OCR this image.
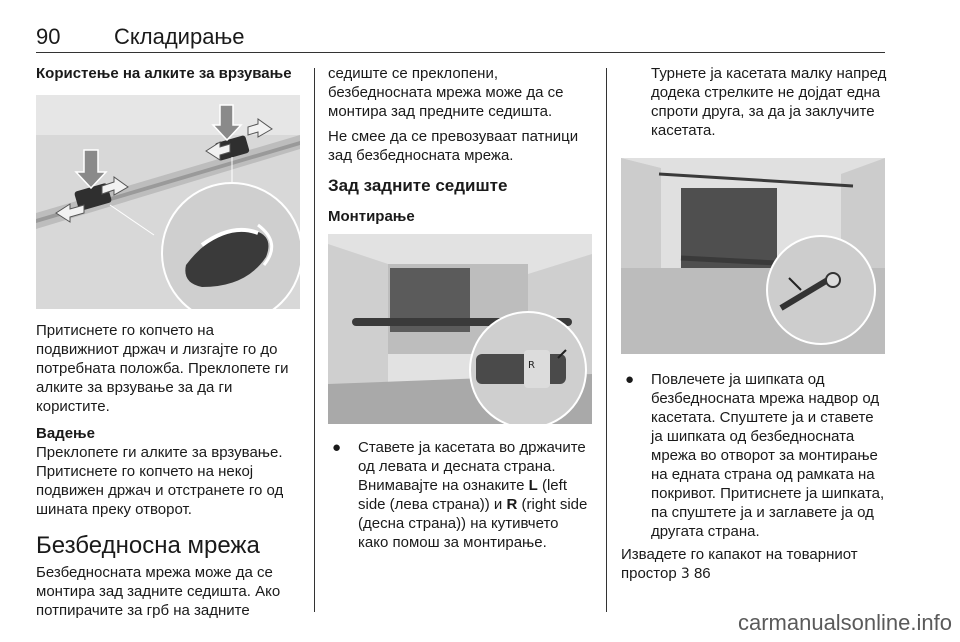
90 Складирање

Користење на алките за врзување

Притиснете го копчето на подвижниот држач и лизгајте го до потребната положба. Преклопете ги алките за врзување за да ги користите.

Вадење

Преклопете ги алките за врзување. Притиснете го копчето на некој подвижен држач и отстранете го од шината преку отворот.

Безбедносна мрежа

Безбедносната мрежа може да се монтира зад задните седишта. Ако потпирачите за грб на задните

седиште се преклопени, безбедносната мрежа може да се монтира зад предните седишта.

Не смее да се превозуваат патници зад безбедносната мрежа.

Зад задните седиште

Монтирање

R
● Ставете ја касетата во држачите од левата и десната страна. Внимавајте на ознаките L (left side (лева страна)) и R (right side (десна страна)) на кутивчето како помош за монтирање.

Турнете ја касетата малку напред додека стрелките не дојдат една спроти друга, за да ја заклучите касетата.

● Повлечете ја шипката од безбедносната мрежа надвор од касетата. Спуштете ја и ставете ја шипката од безбедносната мрежа во отворот за монтирање на едната страна од рамката на покривот. Притиснете ја шипката, па спуштете ја и заглавете ја од другата страна.

Извадете го капакот на товарниот простор 3 86

carmanualsonline.info
